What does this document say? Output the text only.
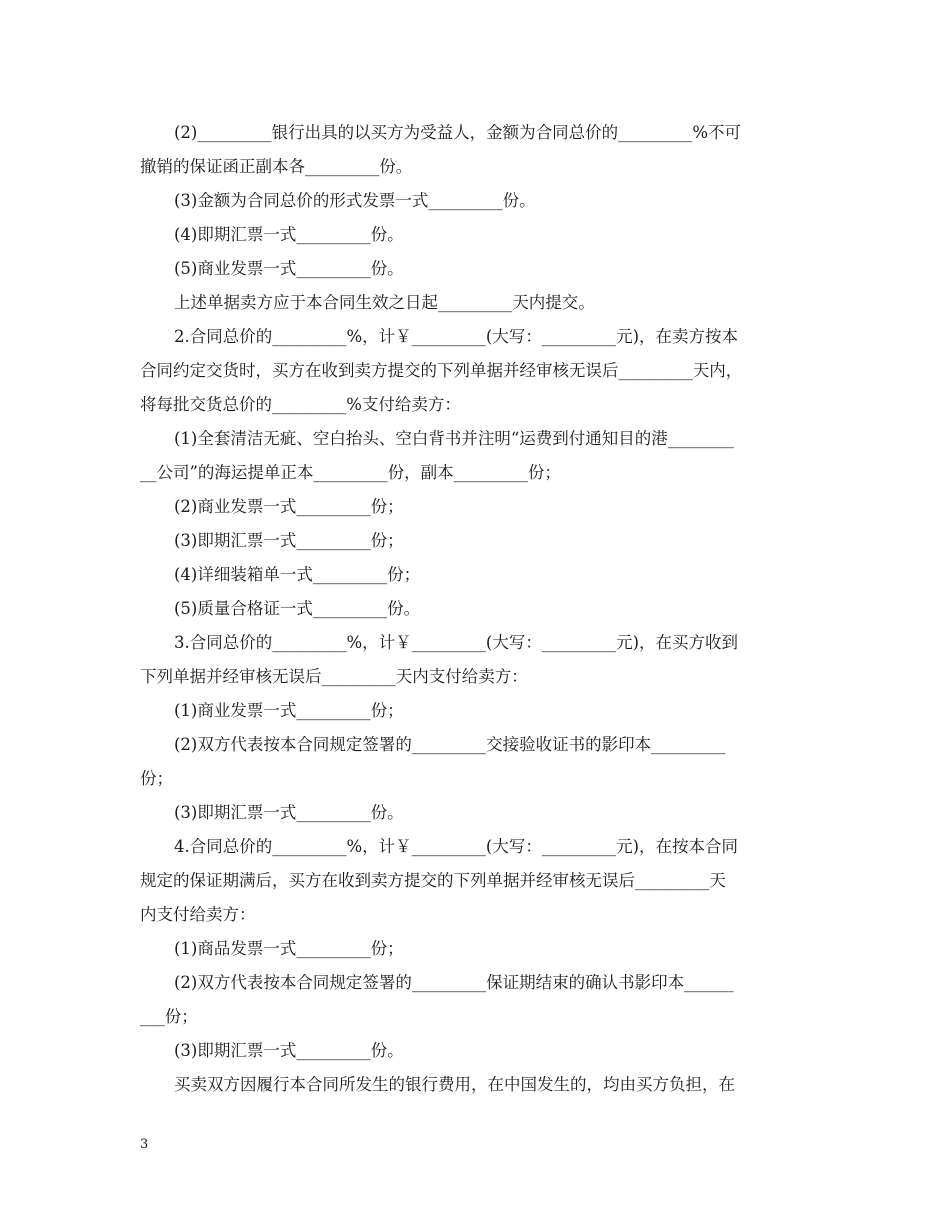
(2)_________银行出具的以买方为受益人，金额为合同总价的_________%不可
撤销的保证函正副本各_________份。
(3)金额为合同总价的形式发票一式_________份。
(4)即期汇票一式_________份。
(5)商业发票一式_________份。
上述单据卖方应于本合同生效之日起_________天内提交。
2.合同总价的_________%，计￥_________(大写：_________元)，在卖方按本
合同约定交货时，买方在收到卖方提交的下列单据并经审核无误后_________天内，
将每批交货总价的_________%支付给卖方：
(1)全套清洁无疵、空白抬头、空白背书并注明“运费到付通知目的港________
__公司”的海运提单正本_________份，副本_________份；
(2)商业发票一式_________份；
(3)即期汇票一式_________份；
(4)详细装箱单一式_________份；
(5)质量合格证一式_________份。
3.合同总价的_________%，计￥_________(大写：_________元)，在买方收到
下列单据并经审核无误后_________天内支付给卖方：
(1)商业发票一式_________份；
(2)双方代表按本合同规定签署的_________交接验收证书的影印本_________
份；
(3)即期汇票一式_________份。
4.合同总价的_________%，计￥_________(大写：_________元)，在按本合同
规定的保证期满后，买方在收到卖方提交的下列单据并经审核无误后_________天
内支付给卖方：
(1)商品发票一式_________份；
(2)双方代表按本合同规定签署的_________保证期结束的确认书影印本______
___份；
(3)即期汇票一式_________份。
买卖双方因履行本合同所发生的银行费用，在中国发生的，均由买方负担，在
3
